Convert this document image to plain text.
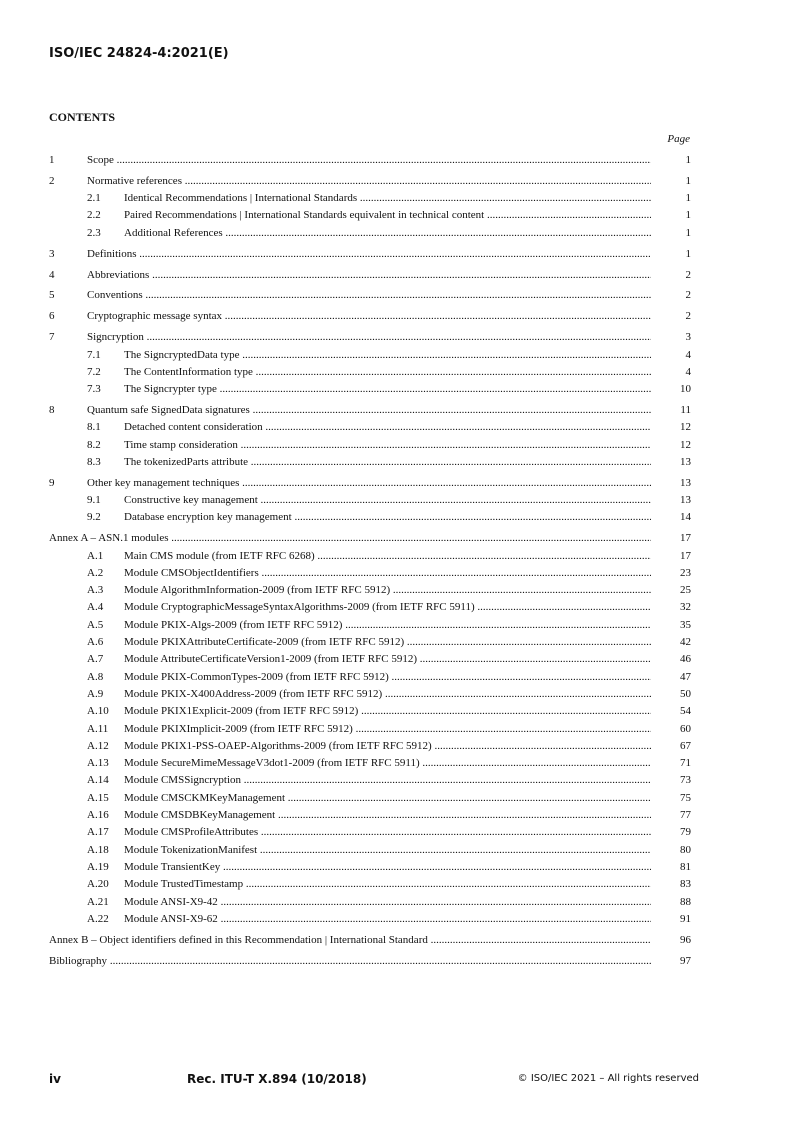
ISO/IEC 24824-4:2021(E)
CONTENTS
Page
1	Scope .....	1
2	Normative references .....	1
2.1 Identical Recommendations | International Standards .....	1
2.2 Paired Recommendations | International Standards equivalent in technical content .....	1
2.3 Additional References .....	1
3	Definitions .....	1
4	Abbreviations .....	2
5	Conventions .....	2
6	Cryptographic message syntax .....	2
7	Signcryption .....	3
7.1 The SigncryptedData type .....	4
7.2 The ContentInformation type .....	4
7.3 The Signcrypter type .....	10
8	Quantum safe SignedData signatures .....	11
8.1 Detached content consideration .....	12
8.2 Time stamp consideration .....	12
8.3 The tokenizedParts attribute .....	13
9	Other key management techniques .....	13
9.1 Constructive key management .....	13
9.2 Database encryption key management .....	14
Annex A – ASN.1 modules .....	17
A.1 Main CMS module (from IETF RFC 6268) .....	17
A.2 Module CMSObjectIdentifiers .....	23
A.3 Module AlgorithmInformation-2009 (from IETF RFC 5912) .....	25
A.4 Module CryptographicMessageSyntaxAlgorithms-2009 (from IETF RFC 5911) .....	32
A.5 Module PKIX-Algs-2009 (from IETF RFC 5912) .....	35
A.6 Module PKIXAttributeCertificate-2009 (from IETF RFC 5912) .....	42
A.7 Module AttributeCertificateVersion1-2009 (from IETF RFC 5912) .....	46
A.8 Module PKIX-CommonTypes-2009 (from IETF RFC 5912) .....	47
A.9 Module PKIX-X400Address-2009 (from IETF RFC 5912) .....	50
A.10 Module PKIX1Explicit-2009 (from IETF RFC 5912) .....	54
A.11 Module PKIXImplicit-2009 (from IETF RFC 5912) .....	60
A.12 Module PKIX1-PSS-OAEP-Algorithms-2009 (from IETF RFC 5912) .....	67
A.13 Module SecureMimeMessageV3dot1-2009 (from IETF RFC 5911) .....	71
A.14 Module CMSSigncryption .....	73
A.15 Module CMSCKMKeyManagement .....	75
A.16 Module CMSDBKeyManagement .....	77
A.17 Module CMSProfileAttributes .....	79
A.18 Module TokenizationManifest .....	80
A.19 Module TransientKey .....	81
A.20 Module TrustedTimestamp .....	83
A.21 Module ANSI-X9-42 .....	88
A.22 Module ANSI-X9-62 .....	91
Annex B – Object identifiers defined in this Recommendation | International Standard .....	96
Bibliography .....	97
iv	Rec. ITU-T X.894 (10/2018)	© ISO/IEC 2021 – All rights reserved
